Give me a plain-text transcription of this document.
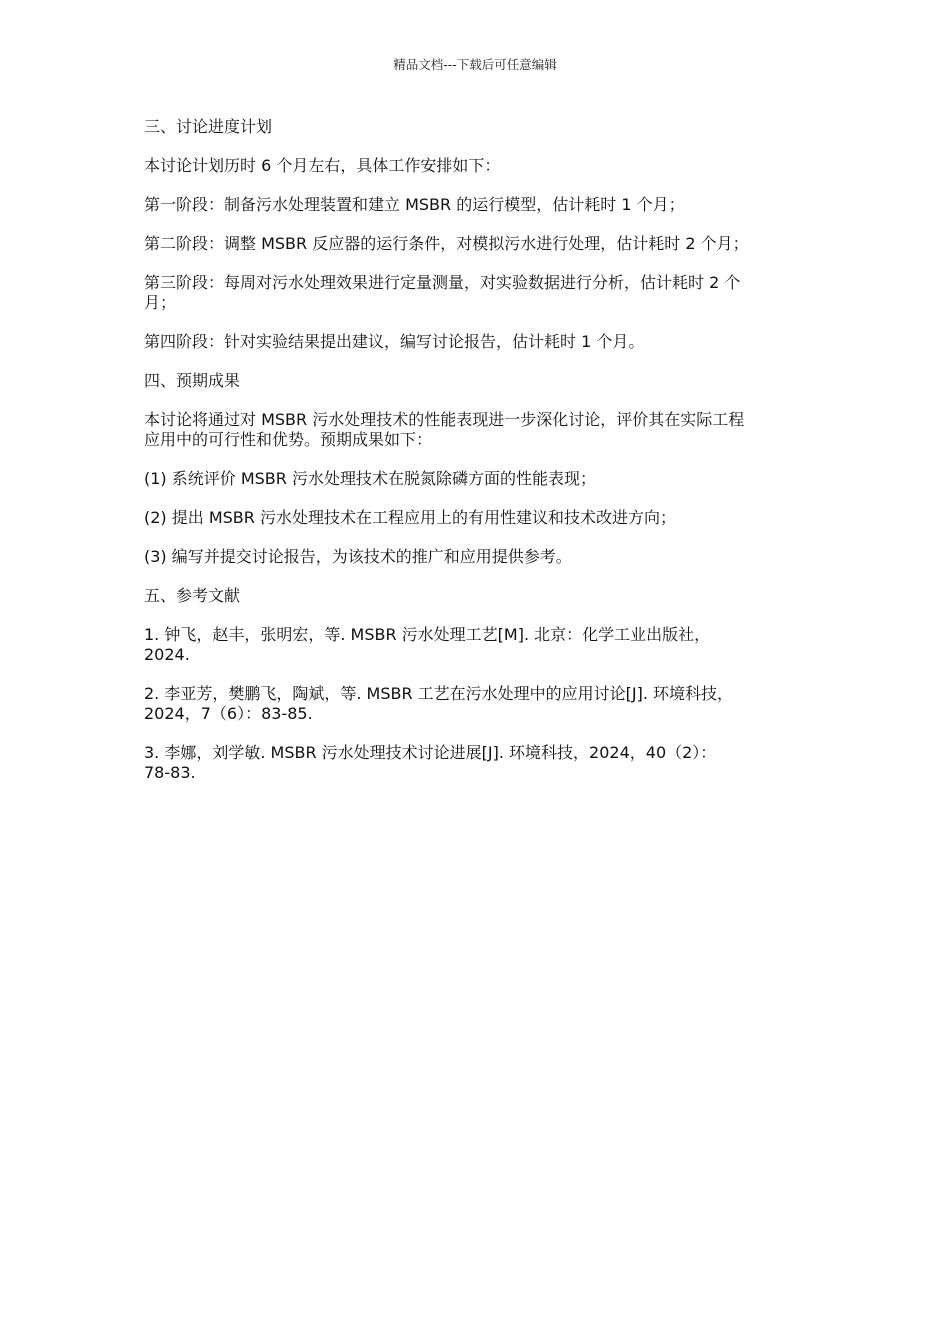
精品文档---下载后可任意编辑

三、讨论进度计划

本讨论计划历时 6 个月左右，具体工作安排如下：

第一阶段：制备污水处理装置和建立 MSBR 的运行模型，估计耗时 1 个月；

第二阶段：调整 MSBR 反应器的运行条件，对模拟污水进行处理，估计耗时 2 个月；

第三阶段：每周对污水处理效果进行定量测量，对实验数据进行分析，估计耗时 2 个
月；

第四阶段：针对实验结果提出建议，编写讨论报告，估计耗时 1 个月。

四、预期成果

本讨论将通过对 MSBR 污水处理技术的性能表现进一步深化讨论，评价其在实际工程
应用中的可行性和优势。预期成果如下：

(1) 系统评价 MSBR 污水处理技术在脱氮除磷方面的性能表现；

(2) 提出 MSBR 污水处理技术在工程应用上的有用性建议和技术改进方向；

(3) 编写并提交讨论报告，为该技术的推广和应用提供参考。

五、参考文献

1. 钟飞，赵丰，张明宏，等. MSBR 污水处理工艺[M]. 北京：化学工业出版社，
2024.

2. 李亚芳，樊鹏飞，陶斌，等. MSBR 工艺在污水处理中的应用讨论[J]. 环境科技，
2024，7（6）：83-85.

3. 李娜，刘学敏. MSBR 污水处理技术讨论进展[J]. 环境科技，2024，40（2）：
78-83.
